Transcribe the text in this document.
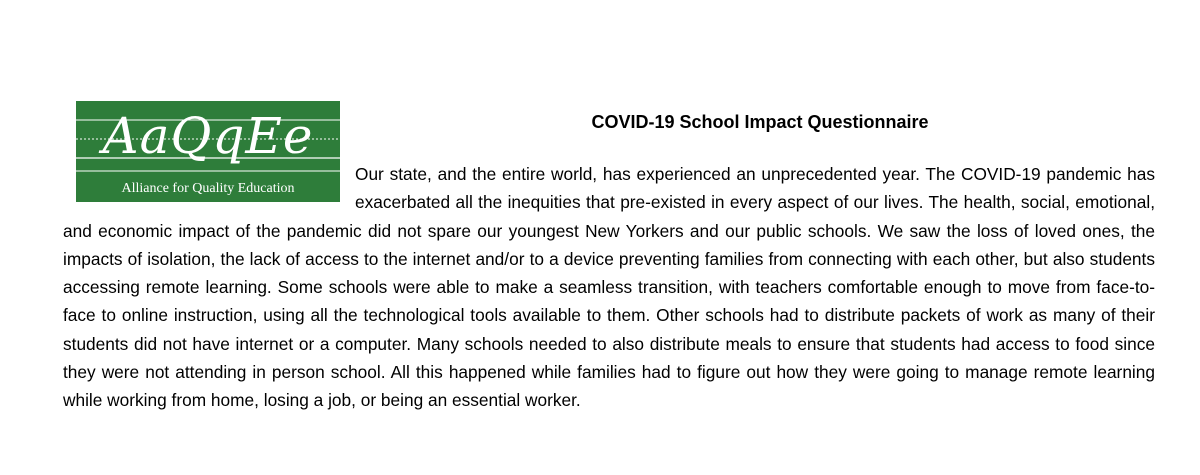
AaQqEe
Alliance for Quality Education
COVID-19 School Impact Questionnaire

Our state, and the entire world, has experienced an unprecedented year. The COVID-19 pandemic has exacerbated all the inequities that pre-existed in every aspect of our lives. The health, social, emotional, and economic impact of the pandemic did not spare our youngest New Yorkers and our public schools. We saw the loss of loved ones, the impacts of isolation, the lack of access to the internet and/or to a device preventing families from connecting with each other, but also students accessing remote learning. Some schools were able to make a seamless transition, with teachers comfortable enough to move from face-to-face to online instruction, using all the technological tools available to them. Other schools had to distribute packets of work as many of their students did not have internet or a computer. Many schools needed to also distribute meals to ensure that students had access to food since they were not attending in person school. All this happened while families had to figure out how they were going to manage remote learning while working from home, losing a job, or being an essential worker.
